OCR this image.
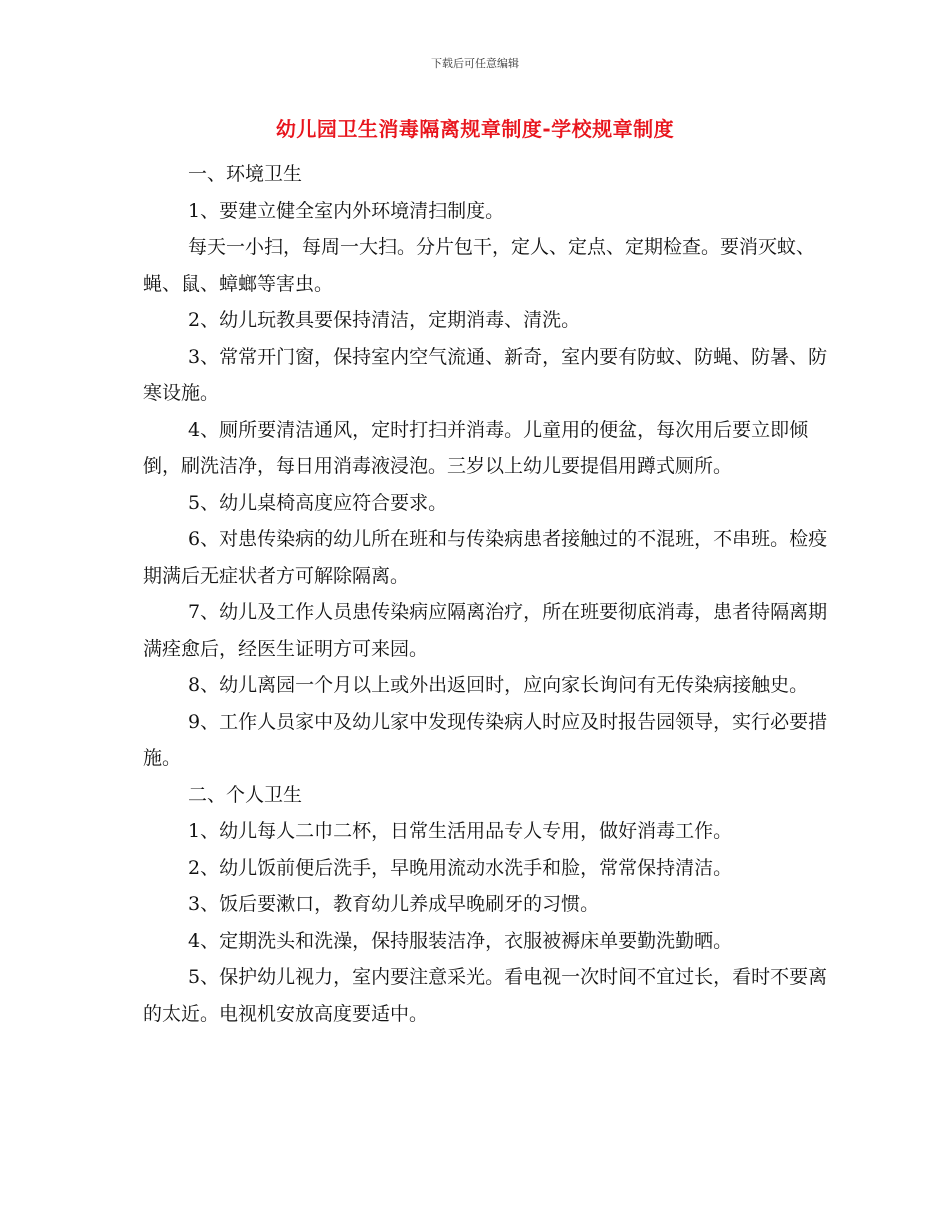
下载后可任意编辑
幼儿园卫生消毒隔离规章制度-学校规章制度

一、环境卫生

1、要建立健全室内外环境清扫制度。

每天一小扫，每周一大扫。分片包干，定人、定点、定期检查。要消灭蚊、蝇、鼠、蟑螂等害虫。

2、幼儿玩教具要保持清洁，定期消毒、清洗。

3、常常开门窗，保持室内空气流通、新奇，室内要有防蚊、防蝇、防暑、防寒设施。

4、厕所要清洁通风，定时打扫并消毒。儿童用的便盆，每次用后要立即倾倒，刷洗洁净，每日用消毒液浸泡。三岁以上幼儿要提倡用蹲式厕所。

5、幼儿桌椅高度应符合要求。

6、对患传染病的幼儿所在班和与传染病患者接触过的不混班，不串班。检疫期满后无症状者方可解除隔离。

7、幼儿及工作人员患传染病应隔离治疗，所在班要彻底消毒，患者待隔离期满痊愈后，经医生证明方可来园。

8、幼儿离园一个月以上或外出返回时，应向家长询问有无传染病接触史。

9、工作人员家中及幼儿家中发现传染病人时应及时报告园领导，实行必要措施。

二、个人卫生

1、幼儿每人二巾二杯，日常生活用品专人专用，做好消毒工作。

2、幼儿饭前便后洗手，早晚用流动水洗手和脸，常常保持清洁。

3、饭后要漱口，教育幼儿养成早晚刷牙的习惯。

4、定期洗头和洗澡，保持服装洁净，衣服被褥床单要勤洗勤晒。

5、保护幼儿视力，室内要注意采光。看电视一次时间不宜过长，看时不要离的太近。电视机安放高度要适中。
